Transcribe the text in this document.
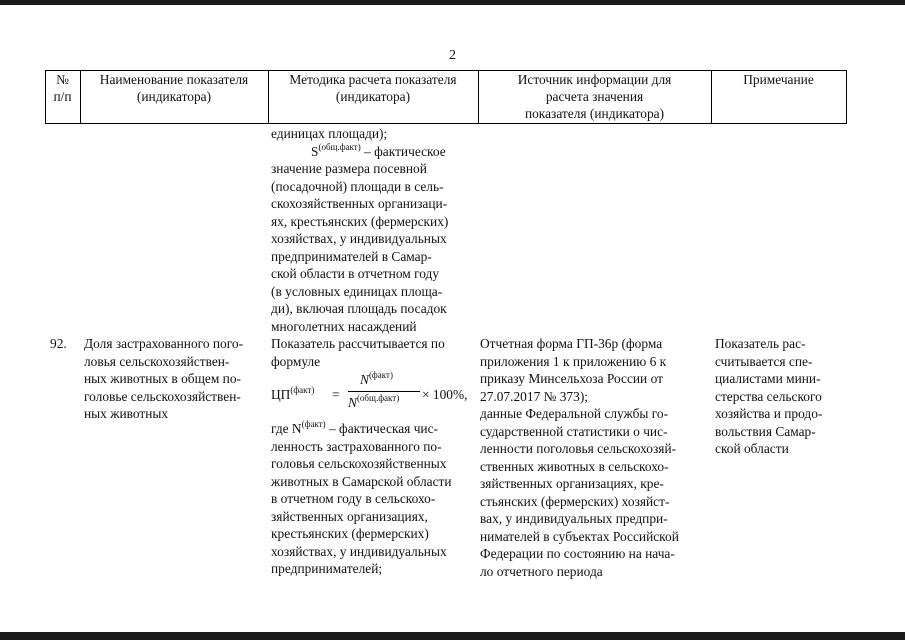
2
№
п/п
Наименование показателя
(индикатора)
Методика расчета показателя
(индикатора)
Источник информации для
расчета значения
показателя (индикатора)
Примечание
единицах площади);
$S^{(общ.факт)}$ – фактическое
значение размера посевной
(посадочной) площади в сель-
скохозяйственных организаци-
ях, крестьянских (фермерских)
хозяйствах, у индивидуальных
предпринимателей в Самар-
ской области в отчетном году
(в условных единицах площа-
ди), включая площадь посадок
многолетних насаждений
92. Доля застрахованного пого-
ловья сельскохозяйствен-
ных животных в общем по-
головье сельскохозяйствен-
ных животных
Показатель рассчитывается по
формуле
$ЦП^{(факт)}$ =
$N^{(факт)}$
$N^{(общ.факт)} \times 100\%$,
где $N^{(факт)}$ – фактическая чис-
ленность застрахованного по-
головья сельскохозяйственных
животных в Самарской области
в отчетном году в сельскохо-
зяйственных организациях,
крестьянских (фермерских)
хозяйствах, у индивидуальных
предпринимателей;
Отчетная форма ГП-36р (форма
приложения 1 к приложению 6 к
приказу Минсельхоза России от
27.07.2017 № 373);
данные Федеральной службы го-
сударственной статистики о чис-
ленности поголовья сельскохозяй-
ственных животных в сельскохо-
зяйственных организациях, кре-
стьянских (фермерских) хозяйст-
вах, у индивидуальных предпри-
нимателей в субъектах Российской
Федерации по состоянию на нача-
ло отчетного периода
Показатель рас-
считывается спе-
циалистами мини-
стерства сельского
хозяйства и продо-
вольствия Самар-
ской области
